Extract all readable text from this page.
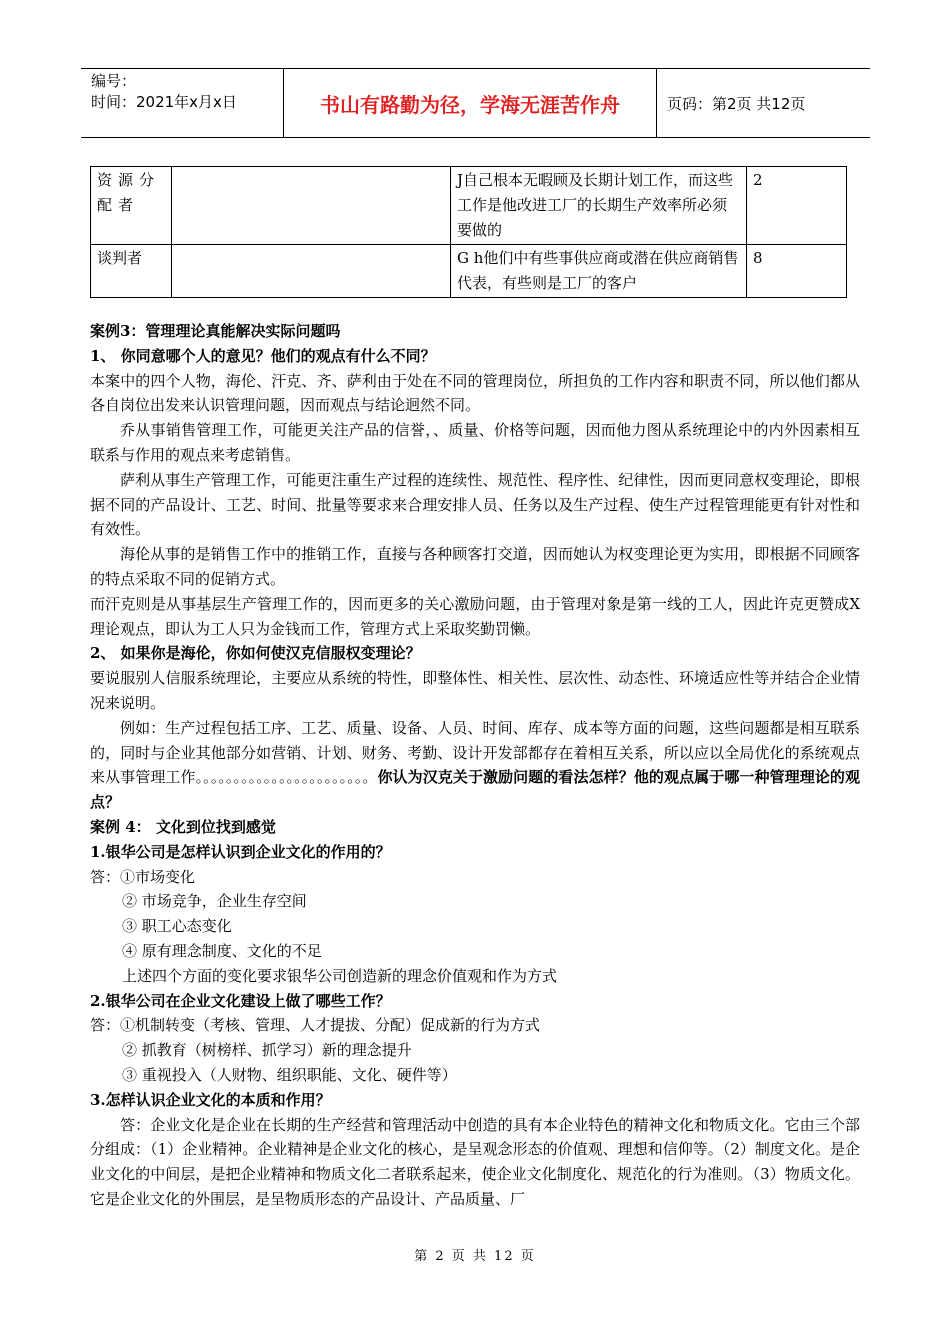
编号：
时间：2021年x月x日	书山有路勤为径，学海无涯苦作舟	页码：第2页 共12页
资源分配者		J自己根本无暇顾及长期计划工作，而这些工作是他改进工厂的长期生产效率所必须要做的	2
谈判者		G h他们中有些事供应商或潜在供应商销售代表，有些则是工厂的客户	8

案例3：管理理论真能解决实际问题吗

1、 你同意哪个人的意见？他们的观点有什么不同？

本案中的四个人物，海伦、汗克、齐、萨利由于处在不同的管理岗位，所担负的工作内容和职责不同，所以他们都从各自岗位出发来认识管理问题，因而观点与结论迥然不同。

乔从事销售管理工作，可能更关注产品的信誉，、质量、价格等问题，因而他力图从系统理论中的内外因素相互联系与作用的观点来考虑销售。

萨利从事生产管理工作，可能更注重生产过程的连续性、规范性、程序性、纪律性，因而更同意权变理论，即根据不同的产品设计、工艺、时间、批量等要求来合理安排人员、任务以及生产过程、使生产过程管理能更有针对性和有效性。

海伦从事的是销售工作中的推销工作，直接与各种顾客打交道，因而她认为权变理论更为实用，即根据不同顾客的特点采取不同的促销方式。

而汗克则是从事基层生产管理工作的，因而更多的关心激励问题，由于管理对象是第一线的工人，因此许克更赞成X理论观点，即认为工人只为金钱而工作，管理方式上采取奖勤罚懒。

2、 如果你是海伦，你如何使汉克信服权变理论？

要说服别人信服系统理论，主要应从系统的特性，即整体性、相关性、层次性、动态性、环境适应性等并结合企业情况来说明。

例如：生产过程包括工序、工艺、质量、设备、人员、时间、库存、成本等方面的问题，这些问题都是相互联系的，同时与企业其他部分如营销、计划、财务、考勤、设计开发部都存在着相互关系，所以应以全局优化的系统观点来从事管理工作。。。。。。。。。。。。。。。。。。。。。。。你认为汉克关于激励问题的看法怎样？他的观点属于哪一种管理理论的观点？

案例 4： 文化到位找到感觉

1.银华公司是怎样认识到企业文化的作用的？

答：①市场变化

② 市场竞争，企业生存空间

③ 职工心态变化

④ 原有理念制度、文化的不足

上述四个方面的变化要求银华公司创造新的理念价值观和作为方式

2.银华公司在企业文化建设上做了哪些工作？

答：①机制转变（考核、管理、人才提拔、分配）促成新的行为方式

② 抓教育（树榜样、抓学习）新的理念提升

③ 重视投入（人财物、组织职能、文化、硬件等）

3.怎样认识企业文化的本质和作用？

答：企业文化是企业在长期的生产经营和管理活动中创造的具有本企业特色的精神文化和物质文化。它由三个部分组成：（1）企业精神。企业精神是企业文化的核心，是呈观念形态的价值观、理想和信仰等。（2）制度文化。是企业文化的中间层，是把企业精神和物质文化二者联系起来，使企业文化制度化、规范化的行为准则。（3）物质文化。它是企业文化的外围层，是呈物质形态的产品设计、产品质量、厂

第 2 页 共 12 页
